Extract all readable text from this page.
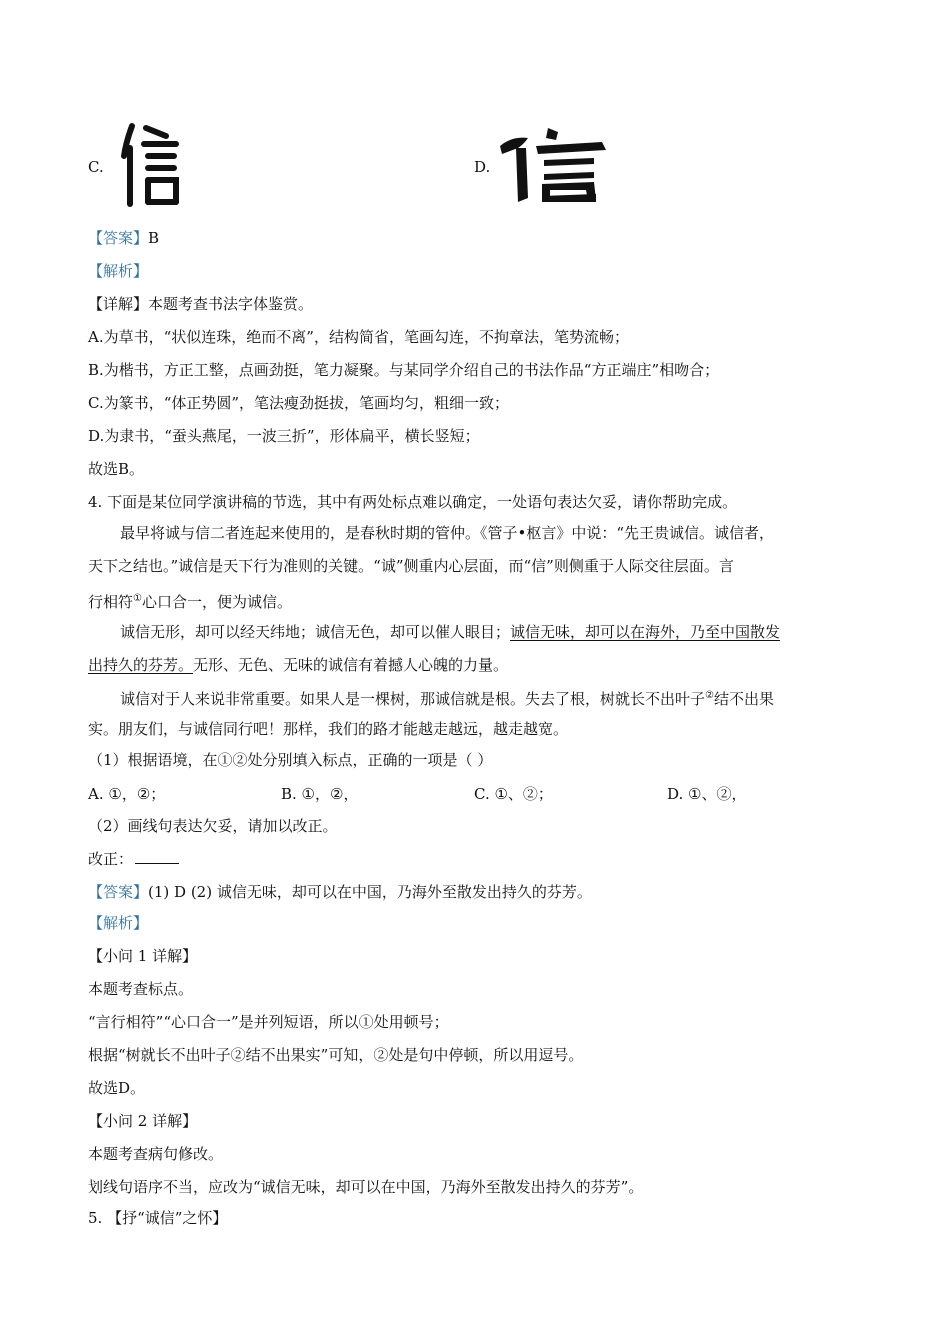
C.	D.
【答案】B
【解析】
【详解】本题考查书法字体鉴赏。
A.为草书，“状似连珠，绝而不离”，结构简省，笔画勾连，不拘章法，笔势流畅；
B.为楷书，方正工整，点画劲挺，笔力凝聚。与某同学介绍自己的书法作品“方正端庄”相吻合；
C.为篆书，“体正势圆”，笔法瘦劲挺拔，笔画均匀，粗细一致；
D.为隶书，“蚕头燕尾，一波三折”，形体扁平，横长竖短；
故选B。
4. 下面是某位同学演讲稿的节选，其中有两处标点难以确定，一处语句表达欠妥，请你帮助完成。
最早将诚与信二者连起来使用的，是春秋时期的管仲。《管子•枢言》中说：“先王贵诚信。诚信者，
天下之结也。”诚信是天下行为准则的关键。“诚”侧重内心层面，而“信”则侧重于人际交往层面。言
行相符①心口合一，便为诚信。
诚信无形，却可以经天纬地；诚信无色，却可以催人眼目；诚信无味，却可以在海外，乃至中国散发
出持久的芬芳。无形、无色、无味的诚信有着撼人心魄的力量。
诚信对于人来说非常重要。如果人是一棵树，那诚信就是根。失去了根，树就长不出叶子②结不出果
实。朋友们，与诚信同行吧！那样，我们的路才能越走越远，越走越宽。
（1）根据语境，在①②处分别填入标点，正确的一项是（ ）
A. ①，②；	B. ①，②，	C. ①、②；	D. ①、②，
（2）画线句表达欠妥，请加以改正。
改正：
【答案】(1) D (2) 诚信无味，却可以在中国，乃海外至散发出持久的芬芳。
【解析】
【小问 1 详解】
本题考查标点。
“言行相符”“心口合一”是并列短语，所以①处用顿号；
根据“树就长不出叶子②结不出果实”可知，②处是句中停顿，所以用逗号。
故选D。
【小问 2 详解】
本题考查病句修改。
划线句语序不当，应改为“诚信无味，却可以在中国，乃海外至散发出持久的芬芳”。
5. 【抒“诚信”之怀】
